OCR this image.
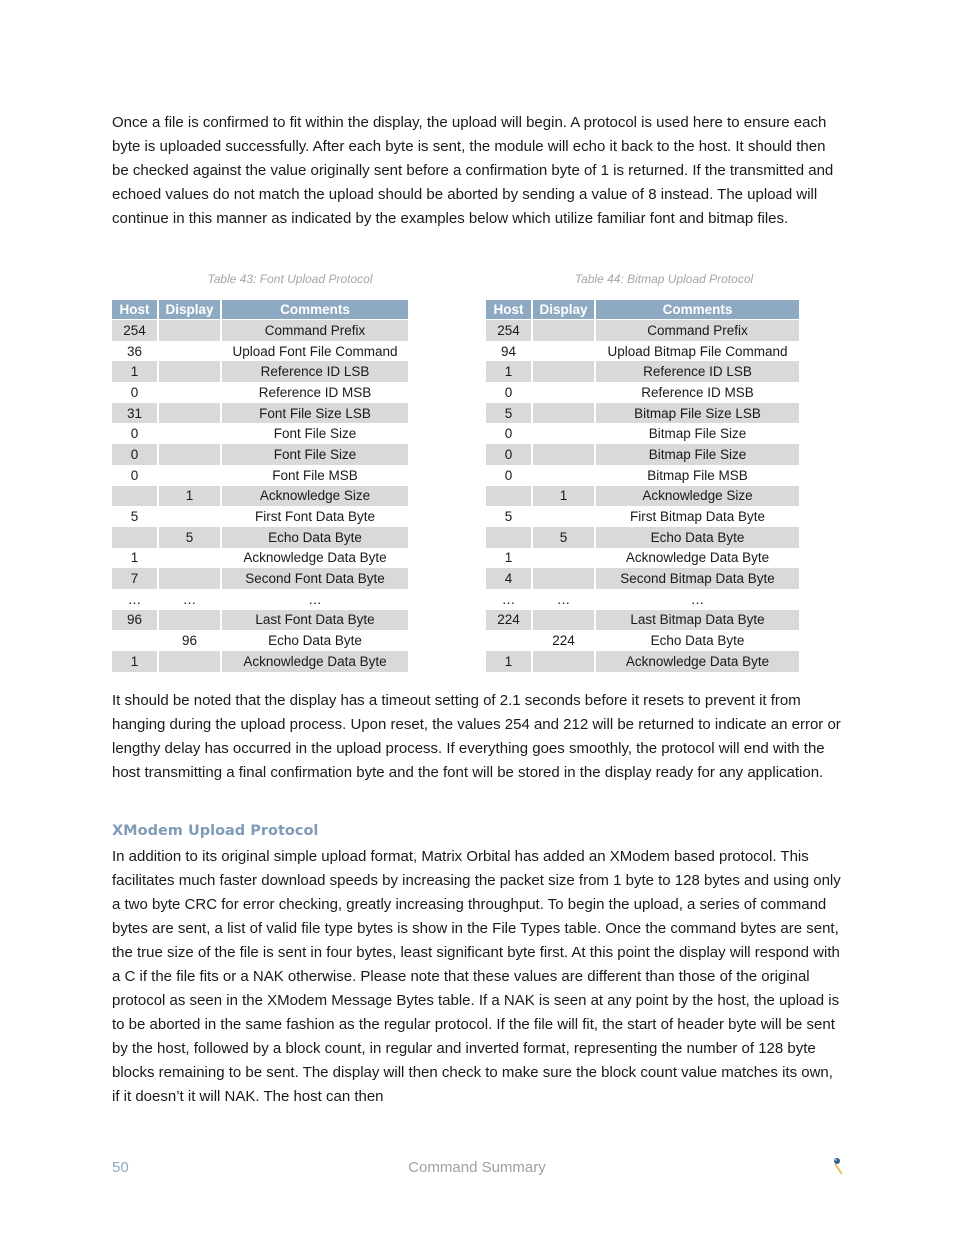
Once a file is confirmed to fit within the display, the upload will begin. A protocol is used here to ensure each byte is uploaded successfully. After each byte is sent, the module will echo it back to the host. It should then be checked against the value originally sent before a confirmation byte of 1 is returned. If the transmitted and echoed values do not match the upload should be aborted by sending a value of 8 instead. The upload will continue in this manner as indicated by the examples below which utilize familiar font and bitmap files.

Table 43: Font Upload Protocol	Table 44: Bitmap Upload Protocol
Host	Display	Comments
254		Command Prefix
36		Upload Font File Command
1		Reference ID LSB
0		Reference ID MSB
31		Font File Size LSB
0		Font File Size
0		Font File Size
0		Font File MSB
	1	Acknowledge Size
5		First Font Data Byte
	5	Echo Data Byte
1		Acknowledge Data Byte
7		Second Font Data Byte
…	…	…
96		Last Font Data Byte
	96	Echo Data Byte
1		Acknowledge Data Byte
Host	Display	Comments
254		Command Prefix
94		Upload Bitmap File Command
1		Reference ID LSB
0		Reference ID MSB
5		Bitmap File Size LSB
0		Bitmap File Size
0		Bitmap File Size
0		Bitmap File MSB
	1	Acknowledge Size
5		First Bitmap Data Byte
	5	Echo Data Byte
1		Acknowledge Data Byte
4		Second Bitmap Data Byte
…	…	…
224		Last Bitmap Data Byte
	224	Echo Data Byte
1		Acknowledge Data Byte

It should be noted that the display has a timeout setting of 2.1 seconds before it resets to prevent it from hanging during the upload process. Upon reset, the values 254 and 212 will be returned to indicate an error or lengthy delay has occurred in the upload process. If everything goes smoothly, the protocol will end with the host transmitting a final confirmation byte and the font will be stored in the display ready for any application.

XModem Upload Protocol

In addition to its original simple upload format, Matrix Orbital has added an XModem based protocol. This facilitates much faster download speeds by increasing the packet size from 1 byte to 128 bytes and using only a two byte CRC for error checking, greatly increasing throughput. To begin the upload, a series of command bytes are sent, a list of valid file type bytes is show in the File Types table. Once the command bytes are sent, the true size of the file is sent in four bytes, least significant byte first. At this point the display will respond with a C if the file fits or a NAK otherwise. Please note that these values are different than those of the original protocol as seen in the XModem Message Bytes table. If a NAK is seen at any point by the host, the upload is to be aborted in the same fashion as the regular protocol. If the file will fit, the start of header byte will be sent by the host, followed by a block count, in regular and inverted format, representing the number of 128 byte blocks remaining to be sent. The display will then check to make sure the block count value matches its own, if it doesn’t it will NAK. The host can then

50	Command Summary
